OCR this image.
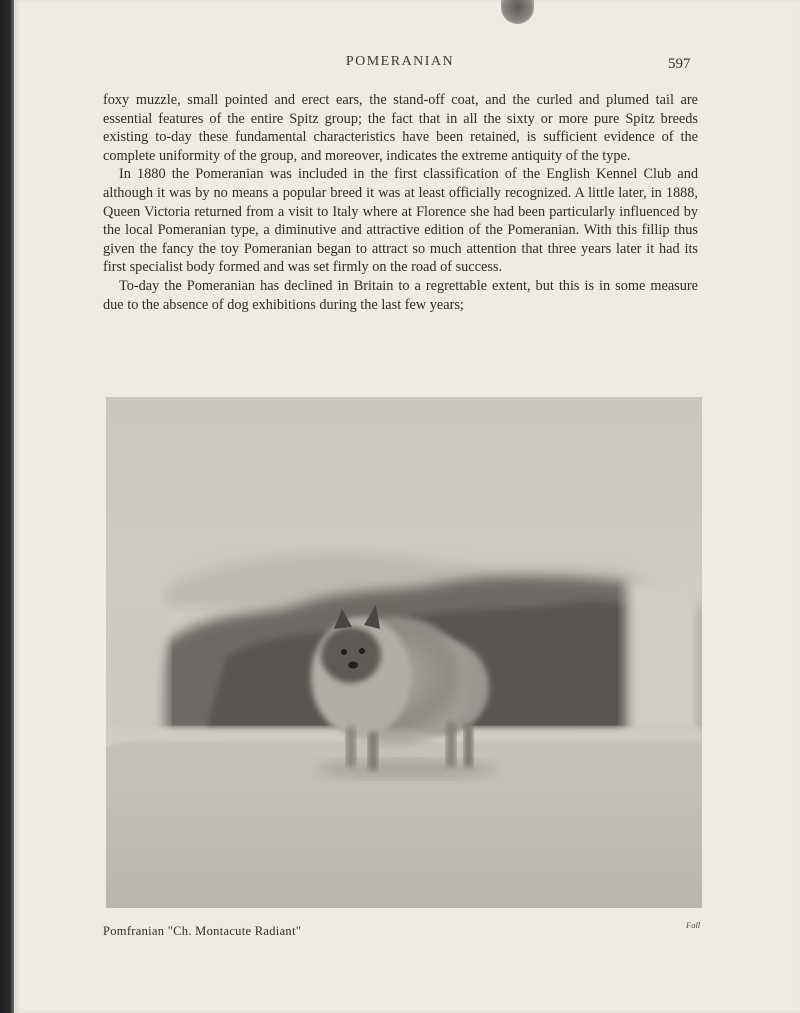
POMERANIAN	597

foxy muzzle, small pointed and erect ears, the stand-off coat, and the curled and plumed tail are essential features of the entire Spitz group; the fact that in all the sixty or more pure Spitz breeds existing to-day these fundamental characteristics have been retained, is sufficient evidence of the complete uniformity of the group, and moreover, indicates the extreme antiquity of the type.

In 1880 the Pomeranian was included in the first classification of the English Kennel Club and although it was by no means a popular breed it was at least officially recognized. A little later, in 1888, Queen Victoria returned from a visit to Italy where at Florence she had been particularly influenced by the local Pomeranian type, a diminutive and attractive edition of the Pomeranian. With this fillip thus given the fancy the toy Pomeranian began to attract so much attention that three years later it had its first specialist body formed and was set firmly on the road of success.

To-day the Pomeranian has declined in Britain to a regrettable extent, but this is in some measure due to the absence of dog exhibitions during the last few years;

Pomfranian "Ch. Montacute Radiant"	Fall
